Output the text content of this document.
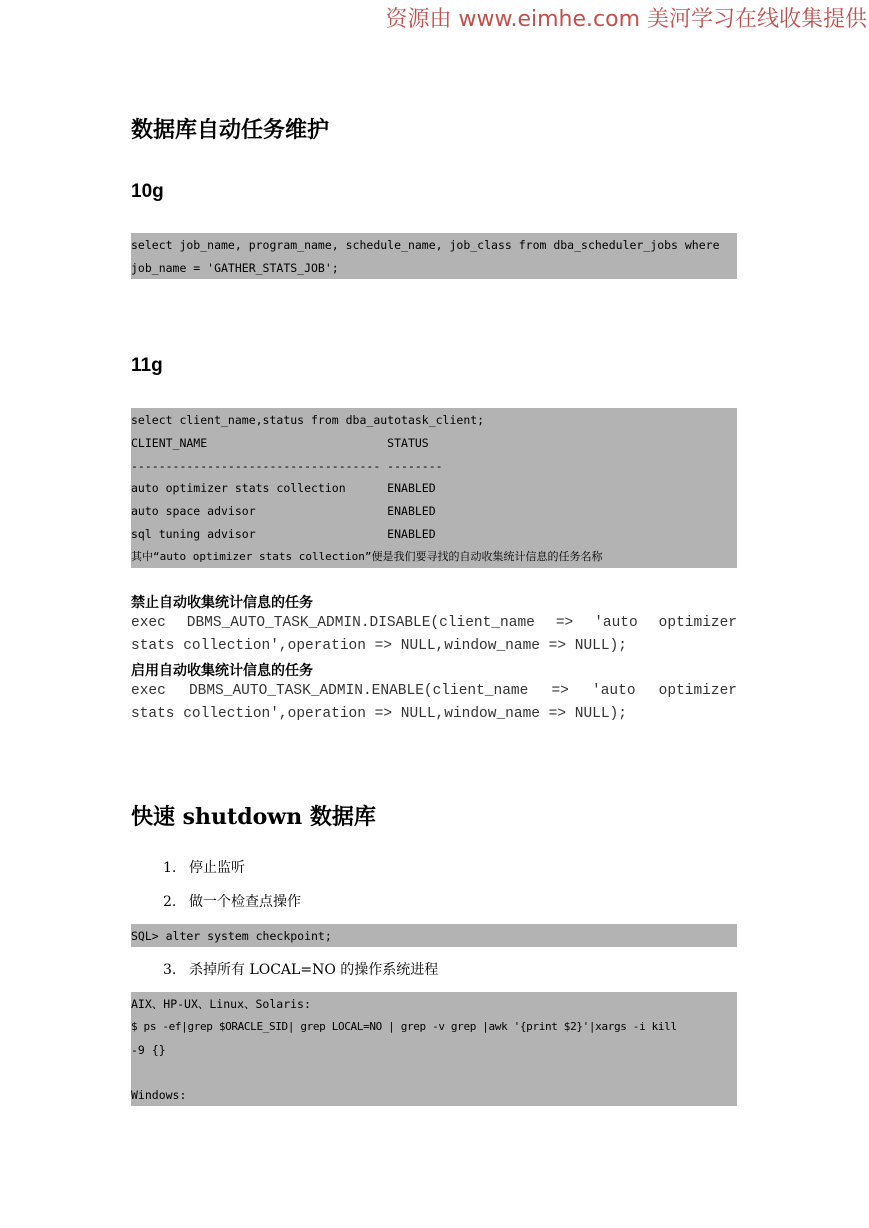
资源由 www.eimhe.com 美河学习在线收集提供
数据库自动任务维护
10g
select job_name, program_name, schedule_name, job_class from dba_scheduler_jobs where
job_name = 'GATHER_STATS_JOB';
11g
select client_name,status from dba_autotask_client;
CLIENT_NAME                          STATUS
------------------------------------ --------
auto optimizer stats collection      ENABLED
auto space advisor                   ENABLED
sql tuning advisor                   ENABLED
其中“auto optimizer stats collection”便是我们要寻找的自动收集统计信息的任务名称
禁止自动收集统计信息的任务
exec DBMS_AUTO_TASK_ADMIN.DISABLE(client_name => 'auto optimizer
stats collection',operation => NULL,window_name => NULL);
启用自动收集统计信息的任务
exec DBMS_AUTO_TASK_ADMIN.ENABLE(client_name => 'auto optimizer
stats collection',operation => NULL,window_name => NULL);
快速 shutdown 数据库
1. 停止监听
2. 做一个检查点操作
SQL> alter system checkpoint;
3. 杀掉所有 LOCAL=NO 的操作系统进程
AIX、HP-UX、Linux、Solaris:
$ ps -ef|grep $ORACLE_SID| grep LOCAL=NO | grep -v grep |awk '{print $2}'|xargs -i kill
-9 {}
Windows:
